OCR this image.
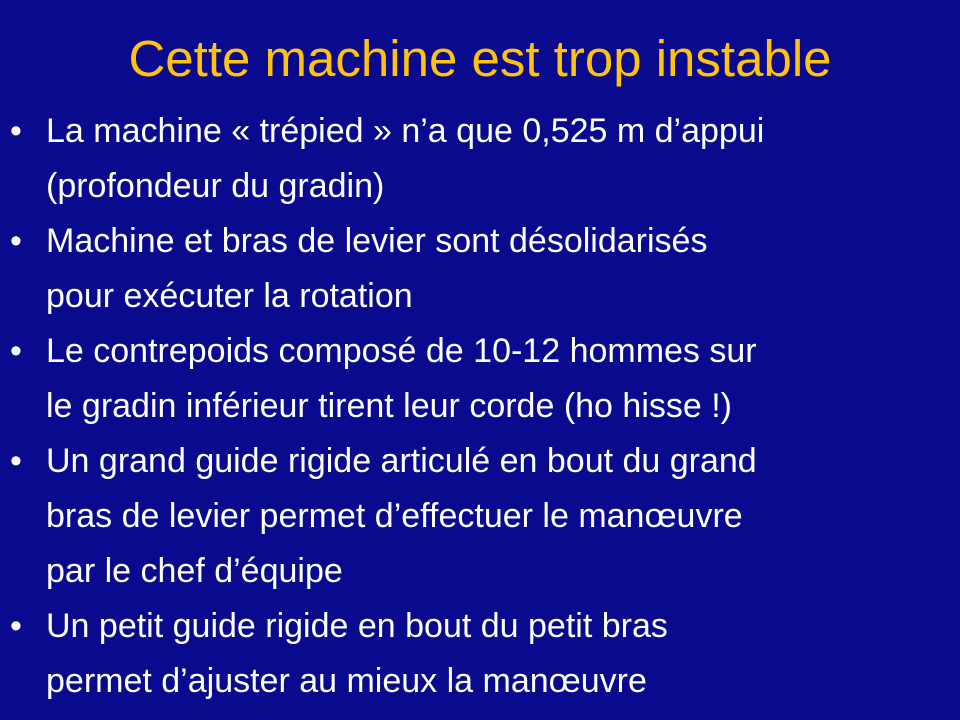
Cette machine est trop instable
• La machine « trépied » n’a que 0,525 m d’appui
(profondeur du gradin)
• Machine et bras de levier sont désolidarisés
pour exécuter la rotation
• Le contrepoids composé de 10-12 hommes sur
le gradin inférieur tirent leur corde (ho hisse !)
• Un grand guide rigide articulé en bout du grand
bras de levier permet d’effectuer le manœuvre
par le chef d’équipe
• Un petit guide rigide en bout du petit bras
permet d’ajuster au mieux la manœuvre
